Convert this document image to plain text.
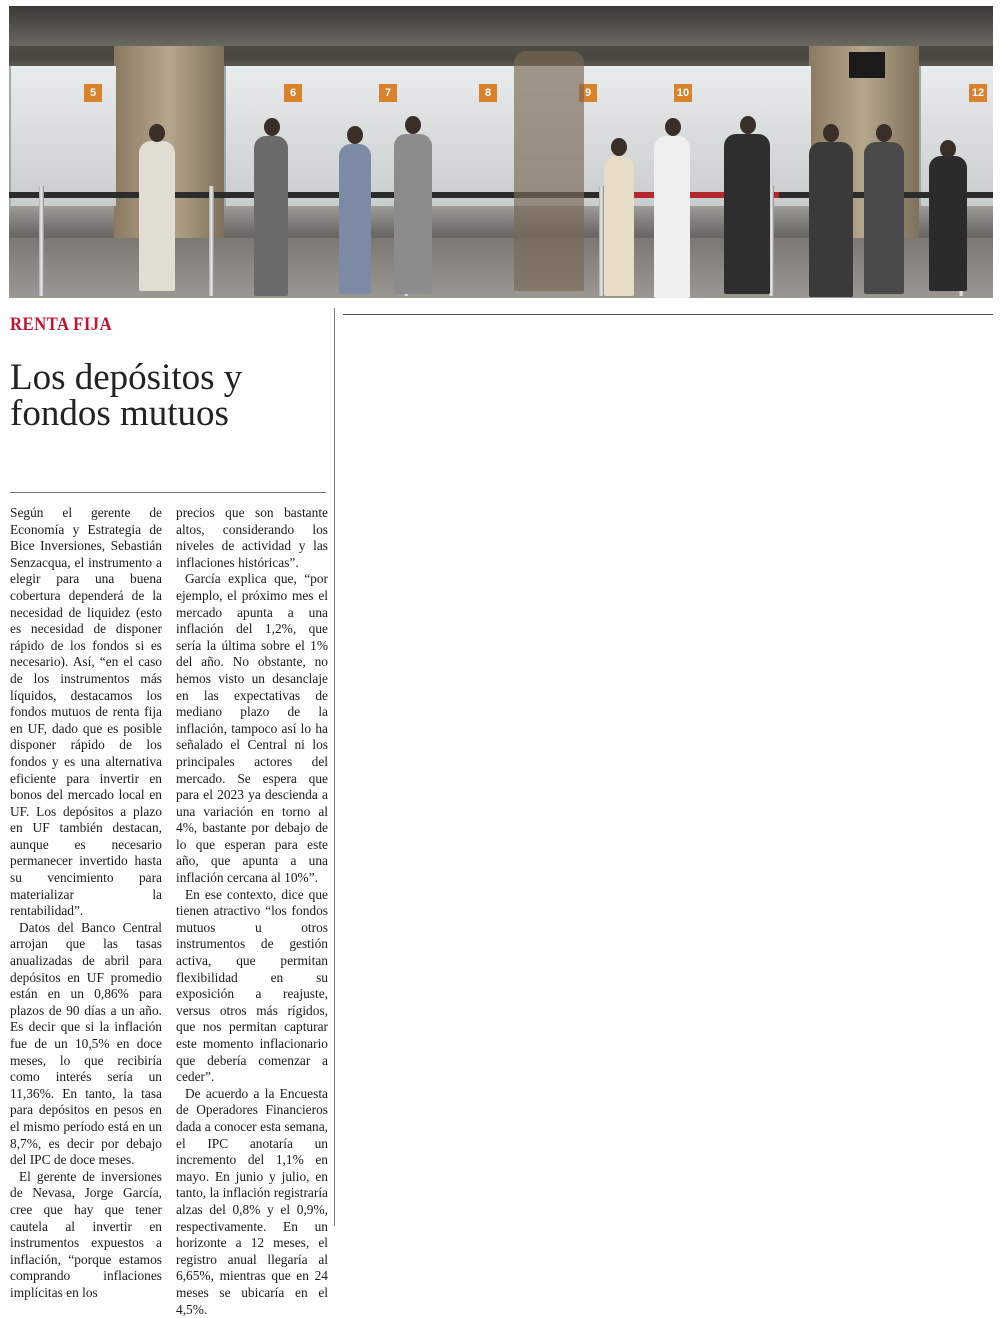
5	6	7	8	9	10	12
RENTA FIJA
Los depósitos y fondos mutuos

Según el gerente de Economía y Estrategia de Bice Inversiones, Sebastián Senzacqua, el instrumento a elegir para una buena cobertura dependerá de la necesidad de liquidez (esto es necesidad de disponer rápido de los fondos si es necesario). Así, “en el caso de los instrumentos más líquidos, destacamos los fondos mutuos de renta fija en UF, dado que es posible disponer rápido de los fondos y es una alternativa eficiente para invertir en bonos del mercado local en UF. Los depósitos a plazo en UF también destacan, aunque es necesario permanecer invertido hasta su vencimiento para materializar la rentabilidad”.

Datos del Banco Central arrojan que las tasas anualizadas de abril para depósitos en UF promedio están en un 0,86% para plazos de 90 días a un año. Es decir que si la inflación fue de un 10,5% en doce meses, lo que recibiría como interés sería un 11,36%. En tanto, la tasa para depósitos en pesos en el mismo período está en un 8,7%, es decir por debajo del IPC de doce meses.

El gerente de inversiones de Nevasa, Jorge García, cree que hay que tener cautela al invertir en instrumentos expuestos a inflación, “porque estamos comprando inflaciones implícitas en los

precios que son bastante altos, considerando los niveles de actividad y las inflaciones históricas”.

García explica que, “por ejemplo, el próximo mes el mercado apunta a una inflación del 1,2%, que sería la última sobre el 1% del año. No obstante, no hemos visto un desanclaje en las expectativas de mediano plazo de la inflación, tampoco así lo ha señalado el Central ni los principales actores del mercado. Se espera que para el 2023 ya descienda a una variación en torno al 4%, bastante por debajo de lo que esperan para este año, que apunta a una inflación cercana al 10%”.

En ese contexto, dice que tienen atractivo “los fondos mutuos u otros instrumentos de gestión activa, que permitan flexibilidad en su exposición a reajuste, versus otros más rígidos, que nos permitan capturar este momento inflacionario que debería comenzar a ceder”.

De acuerdo a la Encuesta de Operadores Financieros dada a conocer esta semana, el IPC anotaría un incremento del 1,1% en mayo. En junio y julio, en tanto, la inflación registraría alzas del 0,8% y el 0,9%, respectivamente. En un horizonte a 12 meses, el registro anual llegaría al 6,65%, mientras que en 24 meses se ubicaría en el 4,5%.
